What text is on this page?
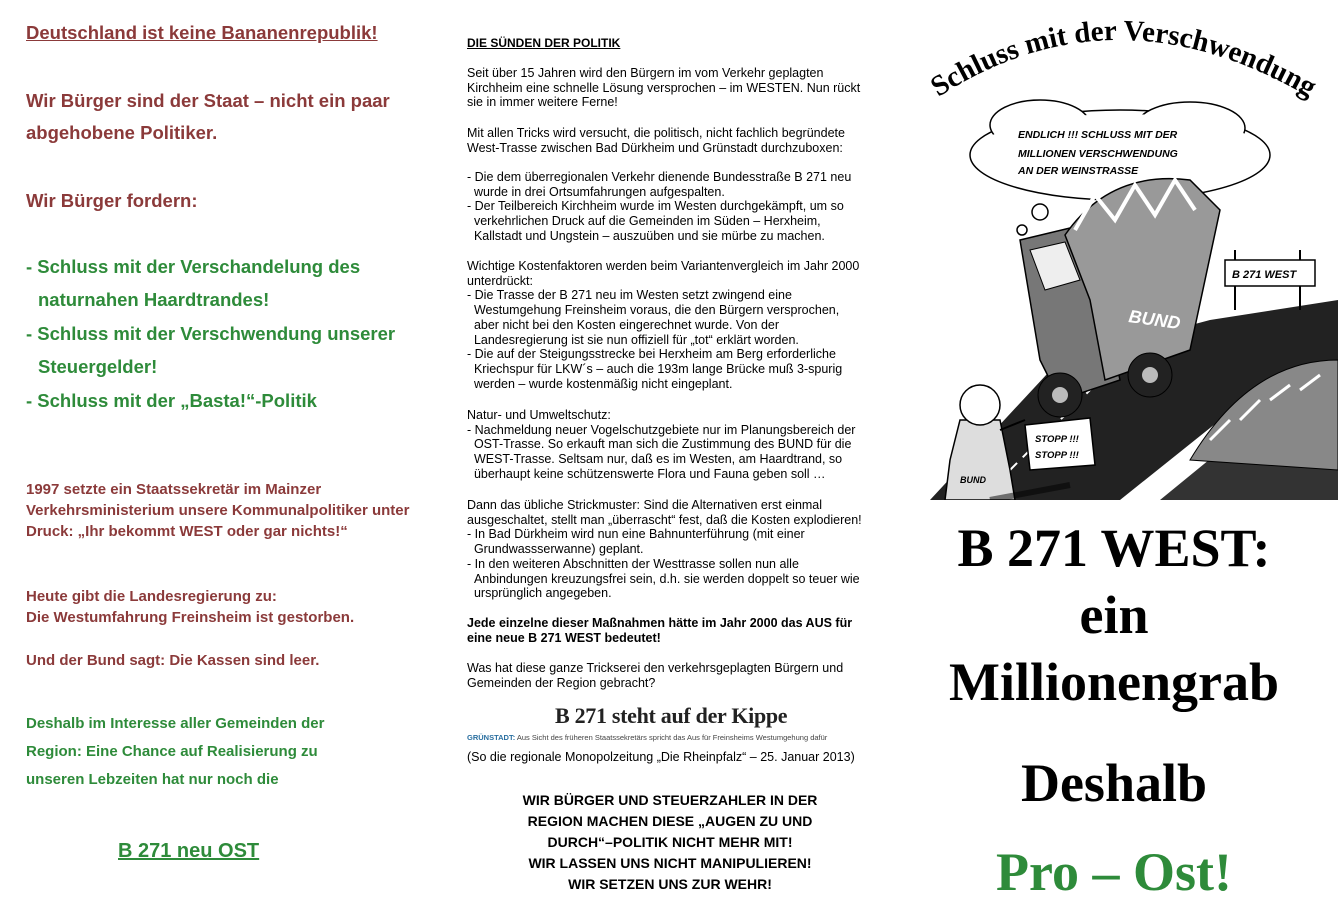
Deutschland ist keine Bananenrepublik!

Wir Bürger sind der Staat – nicht ein paar

abgehobene Politiker.

Wir Bürger fordern:

- Schluss mit der Verschandelung des

naturnahen Haardtrandes!

- Schluss mit der Verschwendung unserer

Steuergelder!

- Schluss mit der „Basta!“-Politik

1997 setzte ein Staatssekretär im Mainzer Verkehrsministerium unsere Kommunalpolitiker unter Druck: „Ihr bekommt WEST oder gar nichts!“

Heute gibt die Landesregierung zu:

Die Westumfahrung Freinsheim ist gestorben.

Und der Bund sagt: Die Kassen sind leer.

Deshalb im Interesse aller Gemeinden der

Region: Eine Chance auf Realisierung zu

unseren Lebzeiten hat nur noch die

B 271 neu OST

DIE SÜNDEN DER POLITIK

Seit über 15 Jahren wird den Bürgern im vom Verkehr geplagten
Kirchheim eine schnelle Lösung versprochen – im WESTEN. Nun rückt
sie in immer weitere Ferne!

Mit allen Tricks wird versucht, die politisch, nicht fachlich begründete
West-Trasse zwischen Bad Dürkheim und Grünstadt durchzuboxen:

- Die dem überregionalen Verkehr dienende Bundesstraße B 271 neu
wurde in drei Ortsumfahrungen aufgespalten.
- Der Teilbereich Kirchheim wurde im Westen durchgekämpft, um so
verkehrlichen Druck auf die Gemeinden im Süden – Herxheim,
Kallstadt und Ungstein – auszuüben und sie mürbe zu machen.

Wichtige Kostenfaktoren werden beim Variantenvergleich im Jahr 2000
unterdrückt:
- Die Trasse der B 271 neu im Westen setzt zwingend eine
Westumgehung Freinsheim voraus, die den Bürgern versprochen,
aber nicht bei den Kosten eingerechnet wurde. Von der
Landesregierung ist sie nun offiziell für „tot“ erklärt worden.
- Die auf der Steigungsstrecke bei Herxheim am Berg erforderliche
Kriechspur für LKW´s – auch die 193m lange Brücke muß 3-spurig
werden – wurde kostenmäßig nicht eingeplant.

Natur- und Umweltschutz:
- Nachmeldung neuer Vogelschutzgebiete nur im Planungsbereich der
OST-Trasse. So erkauft man sich die Zustimmung des BUND für die
WEST-Trasse. Seltsam nur, daß es im Westen, am Haardtrand, so
überhaupt keine schützenswerte Flora und Fauna geben soll …

Dann das übliche Strickmuster: Sind die Alternativen erst einmal
ausgeschaltet, stellt man „überrascht“ fest, daß die Kosten explodieren!
- In Bad Dürkheim wird nun eine Bahnunterführung (mit einer
Grundwassserwanne) geplant.
- In den weiteren Abschnitten der Westtrasse sollen nun alle
Anbindungen kreuzungsfrei sein, d.h. sie werden doppelt so teuer wie
ursprünglich angegeben.

Jede einzelne dieser Maßnahmen hätte im Jahr 2000 das AUS für
eine neue B 271 WEST bedeutet!

Was hat diese ganze Trickserei den verkehrsgeplagten Bürgern und
Gemeinden der Region gebracht?

B 271 steht auf der Kippe

GRÜNSTADT: Aus Sicht des früheren Staatssekretärs spricht das Aus für Freinsheims Westumgehung dafür

(So die regionale Monopolzeitung „Die Rheinpfalz“ – 25. Januar 2013)

WIR BÜRGER UND STEUERZAHLER IN DER

REGION MACHEN DIESE „AUGEN ZU UND

DURCH“–POLITIK NICHT MEHR MIT!

WIR LASSEN UNS NICHT MANIPULIEREN!

WIR SETZEN UNS ZUR WEHR!

Schluss mit der Verschwendung
ENDLICH !!! SCHLUSS MIT DER
MILLIONEN VERSCHWENDUNG
AN DER WEINSTRASSE
BUND
B 271 WEST
BUND
STOPP !!!
STOPP !!!

B 271 WEST:

ein

Millionengrab

Deshalb

Pro – Ost!
